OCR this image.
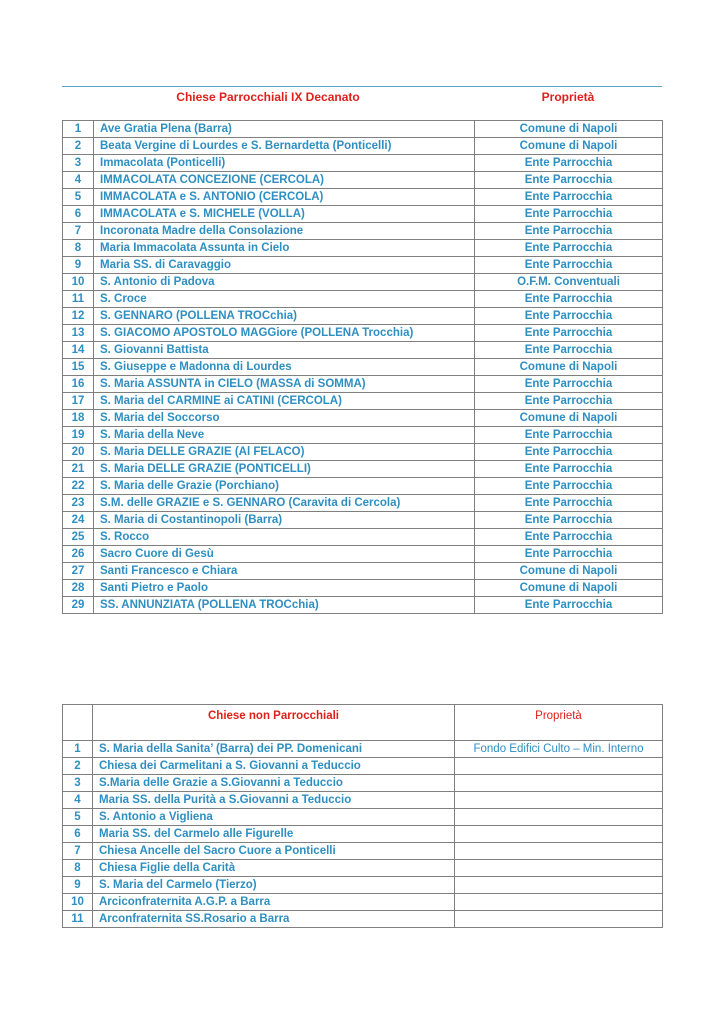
Chiese Parrocchiali IX Decanato	Proprietà
1	Ave Gratia Plena (Barra)	Comune di Napoli
2	Beata Vergine di Lourdes e S. Bernardetta (Ponticelli)	Comune di Napoli
3	Immacolata (Ponticelli)	Ente Parrocchia
4	IMMACOLATA CONCEZIONE (CERCOLA)	Ente Parrocchia
5	IMMACOLATA e S. ANTONIO (CERCOLA)	Ente Parrocchia
6	IMMACOLATA e S. MICHELE (VOLLA)	Ente Parrocchia
7	Incoronata Madre della Consolazione	Ente Parrocchia
8	Maria Immacolata Assunta in Cielo	Ente Parrocchia
9	Maria SS. di Caravaggio	Ente Parrocchia
10	S. Antonio di Padova	O.F.M. Conventuali
11	S. Croce	Ente Parrocchia
12	S. GENNARO (POLLENA TROCchia)	Ente Parrocchia
13	S. GIACOMO APOSTOLO MAGGiore (POLLENA Trocchia)	Ente Parrocchia
14	S. Giovanni Battista	Ente Parrocchia
15	S. Giuseppe e Madonna di Lourdes	Comune di Napoli
16	S. Maria ASSUNTA in CIELO (MASSA di SOMMA)	Ente Parrocchia
17	S. Maria del CARMINE ai CATINI (CERCOLA)	Ente Parrocchia
18	S. Maria del Soccorso	Comune di Napoli
19	S. Maria della Neve	Ente Parrocchia
20	S. Maria DELLE GRAZIE (Al FELACO)	Ente Parrocchia
21	S. Maria DELLE GRAZIE (PONTICELLI)	Ente Parrocchia
22	S. Maria delle Grazie (Porchiano)	Ente Parrocchia
23	S.M. delle GRAZIE e S. GENNARO (Caravita di Cercola)	Ente Parrocchia
24	S. Maria di Costantinopoli (Barra)	Ente Parrocchia
25	S. Rocco	Ente Parrocchia
26	Sacro Cuore di Gesù	Ente Parrocchia
27	Santi Francesco e Chiara	Comune di Napoli
28	Santi Pietro e Paolo	Comune di Napoli
29	SS. ANNUNZIATA (POLLENA TROCchia)	Ente Parrocchia
	Chiese non Parrocchiali	Proprietà
1	S. Maria della Sanita’ (Barra) dei PP. Domenicani	Fondo Edifici Culto – Min. Interno
2	Chiesa dei Carmelitani a S. Giovanni a Teduccio	
3	S.Maria delle Grazie a S.Giovanni a Teduccio	
4	Maria SS. della Purità a S.Giovanni a Teduccio	
5	S. Antonio a Vigliena	
6	Maria SS. del Carmelo alle Figurelle	
7	Chiesa Ancelle del Sacro Cuore a Ponticelli	
8	Chiesa Figlie della Carità	
9	S. Maria del Carmelo (Tierzo)	
10	Arciconfraternita A.G.P. a Barra	
11	Arconfraternita SS.Rosario a Barra	
